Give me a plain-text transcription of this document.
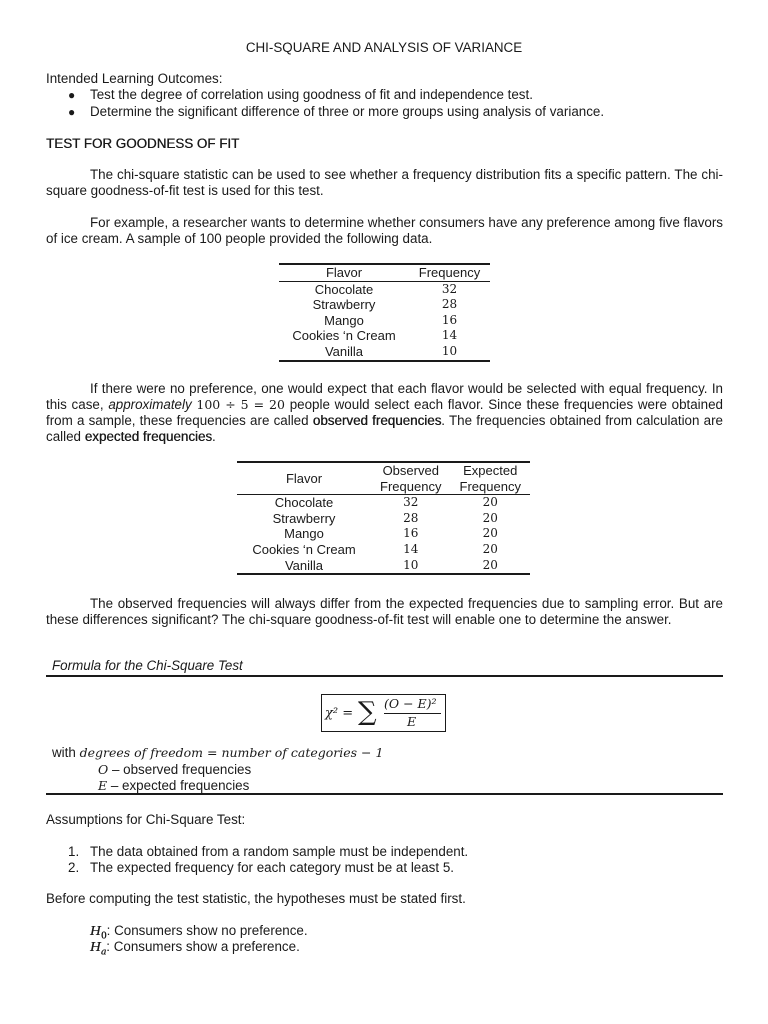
CHI-SQUARE AND ANALYSIS OF VARIANCE
Intended Learning Outcomes:
● Test the degree of correlation using goodness of fit and independence test.
● Determine the significant difference of three or more groups using analysis of variance.
TEST FOR GOODNESS OF FIT
The chi-square statistic can be used to see whether a frequency distribution fits a specific pattern. The chi-square goodness-of-fit test is used for this test.
For example, a researcher wants to determine whether consumers have any preference among five flavors of ice cream. A sample of 100 people provided the following data.
Flavor	Frequency
Chocolate	32
Strawberry	28
Mango	16
Cookies ‘n Cream	14
Vanilla	10
If there were no preference, one would expect that each flavor would be selected with equal frequency. In this case, approximately 100 ÷ 5 = 20 people would select each flavor. Since these frequencies were obtained from a sample, these frequencies are called observed frequencies. The frequencies obtained from calculation are called expected frequencies.
Flavor	Observed	Expected
	Frequency	Frequency
Chocolate	32	20
Strawberry	28	20
Mango	16	20
Cookies ‘n Cream	14	20
Vanilla	10	20
The observed frequencies will always differ from the expected frequencies due to sampling error. But are these differences significant? The chi-square goodness-of-fit test will enable one to determine the answer.
Formula for the Chi-Square Test
χ² = ∑ (O − E)²
E
with degrees of freedom = number of categories − 1
O – observed frequencies
E – expected frequencies
Assumptions for Chi-Square Test:
1. The data obtained from a random sample must be independent.
2. The expected frequency for each category must be at least 5.
Before computing the test statistic, the hypotheses must be stated first.
$H_0$: Consumers show no preference.
$H_a$: Consumers show a preference.
